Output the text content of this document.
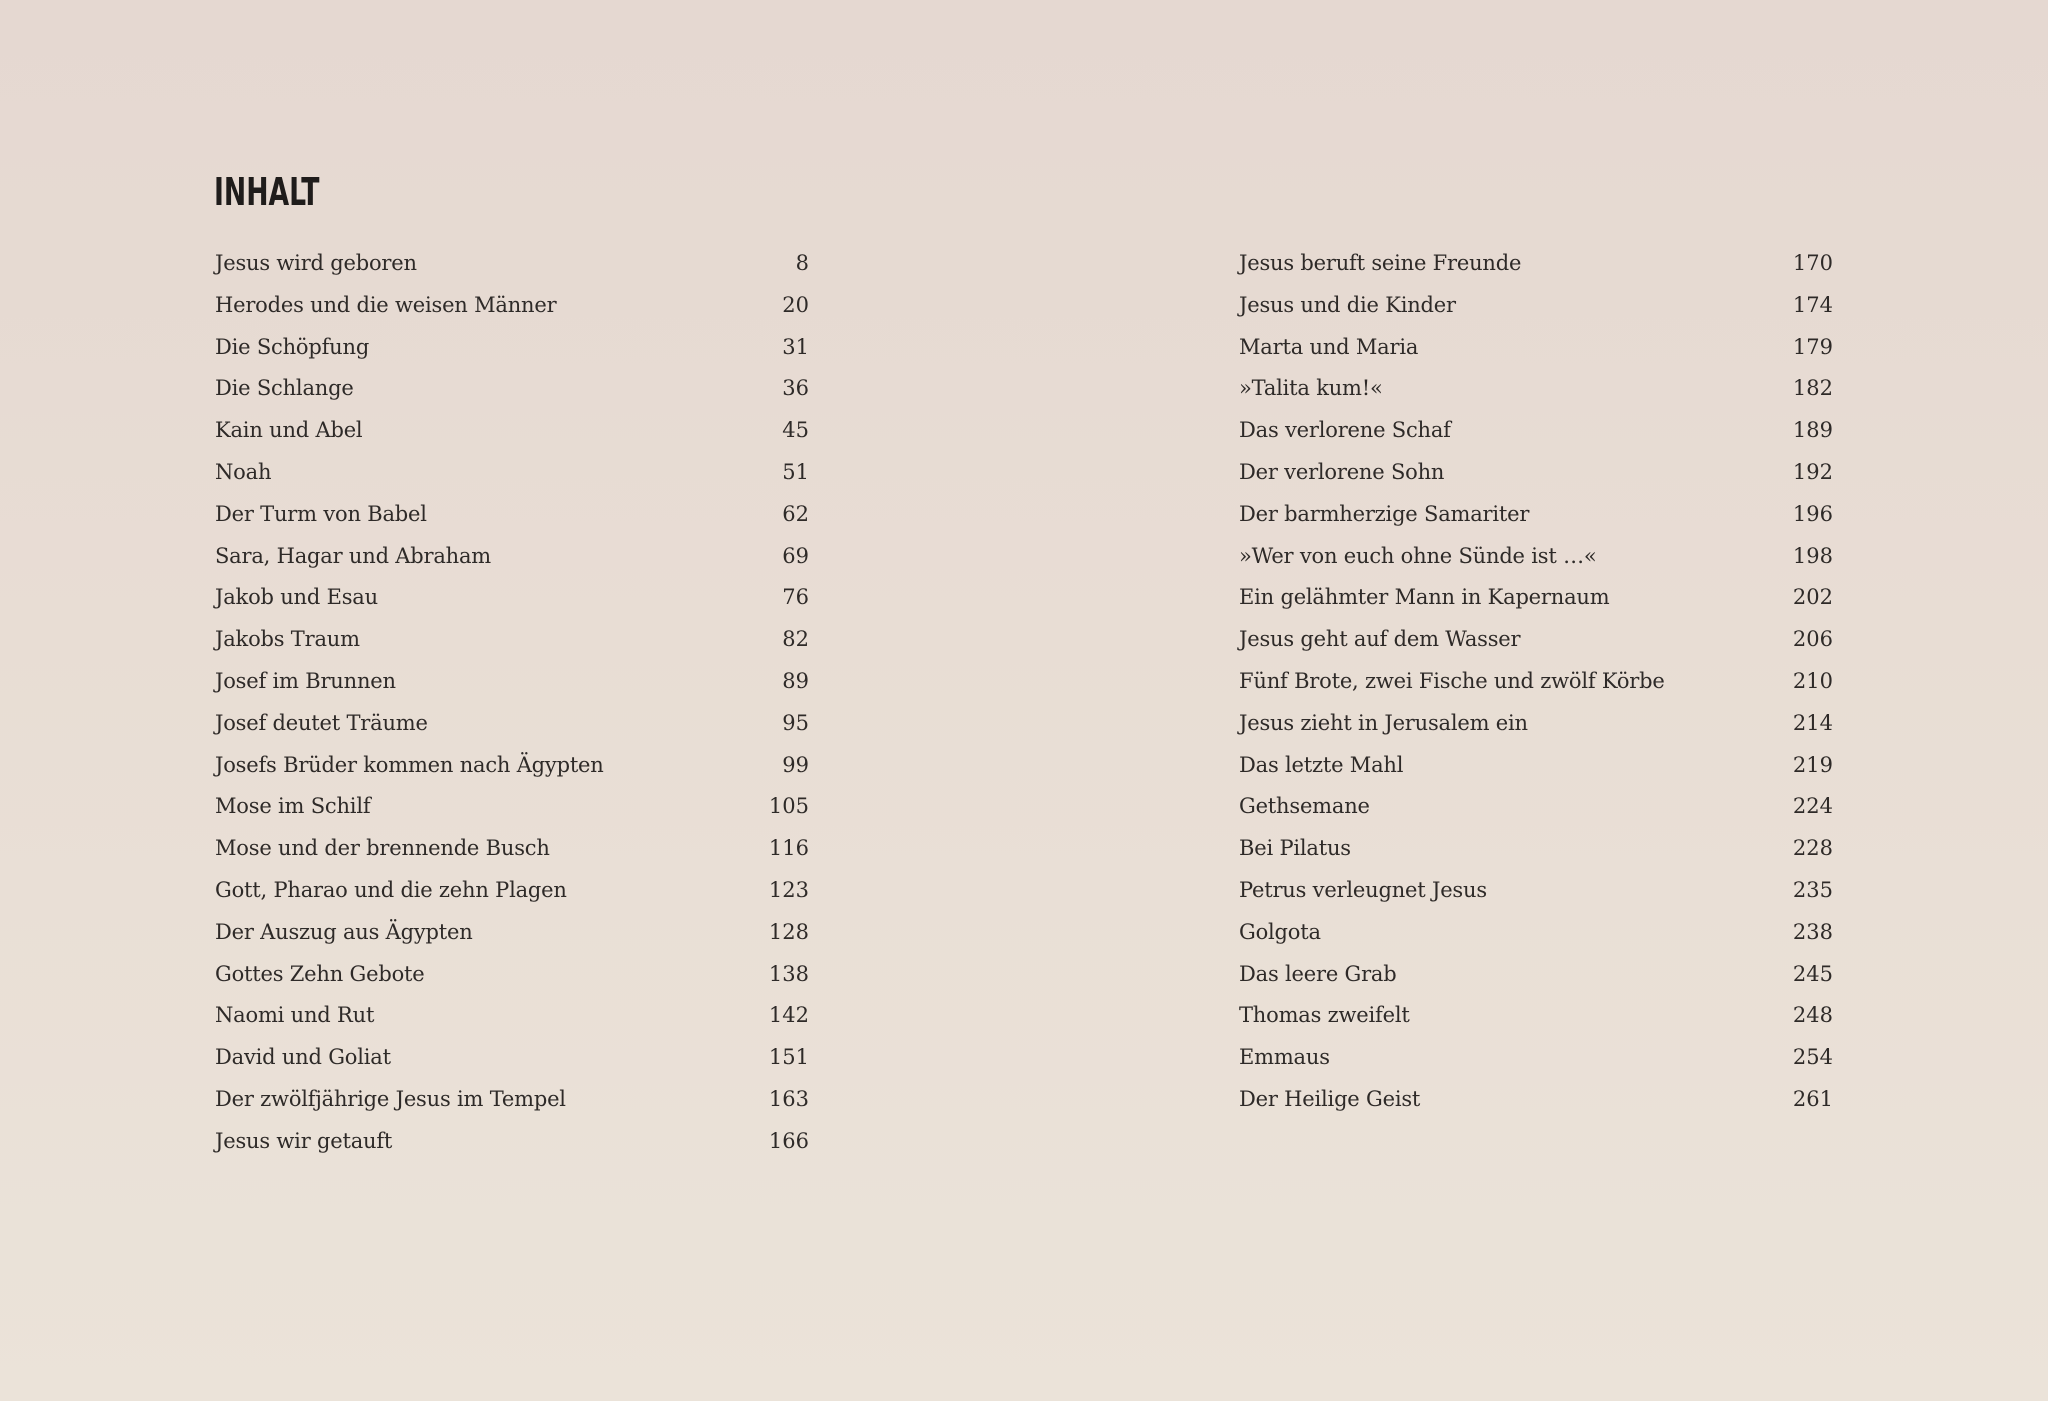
INHALT
Jesus wird geboren	8
Herodes und die weisen Männer	20
Die Schöpfung	31
Die Schlange	36
Kain und Abel	45
Noah	51
Der Turm von Babel	62
Sara, Hagar und Abraham	69
Jakob und Esau	76
Jakobs Traum	82
Josef im Brunnen	89
Josef deutet Träume	95
Josefs Brüder kommen nach Ägypten	99
Mose im Schilf	105
Mose und der brennende Busch	116
Gott, Pharao und die zehn Plagen	123
Der Auszug aus Ägypten	128
Gottes Zehn Gebote	138
Naomi und Rut	142
David und Goliat	151
Der zwölfjährige Jesus im Tempel	163
Jesus wir getauft	166
Jesus beruft seine Freunde	170
Jesus und die Kinder	174
Marta und Maria	179
»Talita kum!«	182
Das verlorene Schaf	189
Der verlorene Sohn	192
Der barmherzige Samariter	196
»Wer von euch ohne Sünde ist …«	198
Ein gelähmter Mann in Kapernaum	202
Jesus geht auf dem Wasser	206
Fünf Brote, zwei Fische und zwölf Körbe	210
Jesus zieht in Jerusalem ein	214
Das letzte Mahl	219
Gethsemane	224
Bei Pilatus	228
Petrus verleugnet Jesus	235
Golgota	238
Das leere Grab	245
Thomas zweifelt	248
Emmaus	254
Der Heilige Geist	261
